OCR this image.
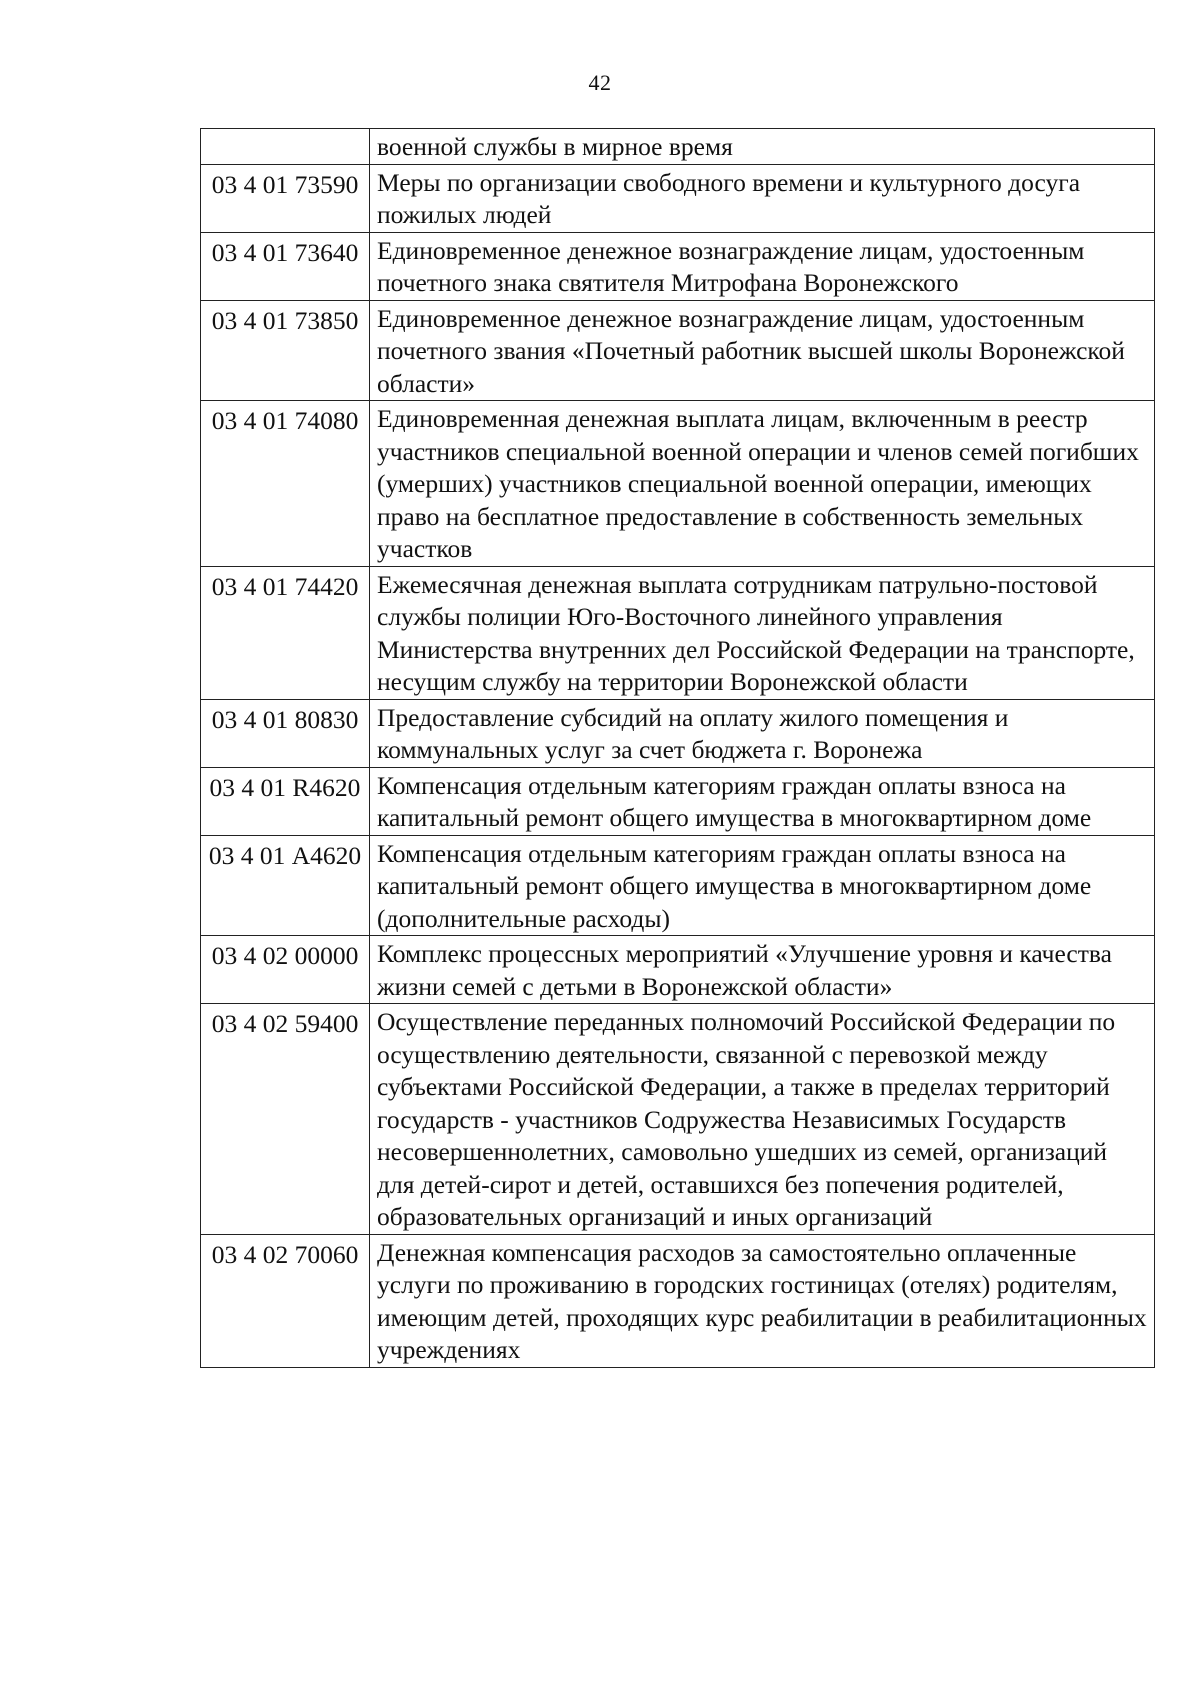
42
	военной службы в мирное время
03 4 01 73590	Меры по организации свободного времени и культурного досуга пожилых людей
03 4 01 73640	Единовременное денежное вознаграждение лицам, удостоенным почетного знака святителя Митрофана Воронежского
03 4 01 73850	Единовременное денежное вознаграждение лицам, удостоенным почетного звания «Почетный работник высшей школы Воронежской области»
03 4 01 74080	Единовременная денежная выплата лицам, включенным в реестр участников специальной военной операции и членов семей погибших (умерших) участников специальной военной операции, имеющих право на бесплатное предоставление в собственность земельных участков
03 4 01 74420	Ежемесячная денежная выплата сотрудникам патрульно-постовой службы полиции Юго-Восточного линейного управления Министерства внутренних дел Российской Федерации на транспорте, несущим службу на территории Воронежской области
03 4 01 80830	Предоставление субсидий на оплату жилого помещения и коммунальных услуг за счет бюджета г. Воронежа
03 4 01 R4620	Компенсация отдельным категориям граждан оплаты взноса на капитальный ремонт общего имущества в многоквартирном доме
03 4 01 А4620	Компенсация отдельным категориям граждан оплаты взноса на капитальный ремонт общего имущества в многоквартирном доме (дополнительные расходы)
03 4 02 00000	Комплекс процессных мероприятий «Улучшение уровня и качества жизни семей с детьми в Воронежской области»
03 4 02 59400	Осуществление переданных полномочий Российской Федерации по осуществлению деятельности, связанной с перевозкой между субъектами Российской Федерации, а также в пределах территорий государств - участников Содружества Независимых Государств несовершеннолетних, самовольно ушедших из семей, организаций для детей-сирот и детей, оставшихся без попечения родителей, образовательных организаций и иных организаций
03 4 02 70060	Денежная компенсация расходов за самостоятельно оплаченные услуги по проживанию в городских гостиницах (отелях) родителям, имеющим детей, проходящих курс реабилитации в реабилитационных учреждениях
